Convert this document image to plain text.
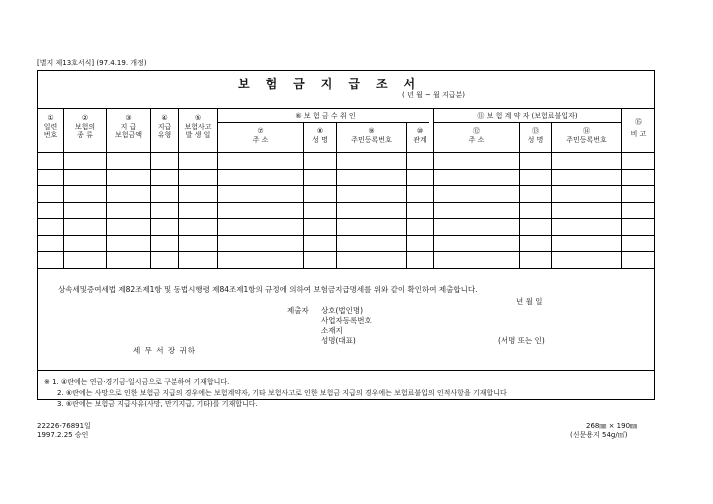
[별지 제13호서식] (97.4.19. 개정)
보험금지급조서
( 년 월 ~ 월 지급분)
①
일련
번호
②
보험의
종 류
③
지 급
보험금액
④
지급
유형
⑤
보험사고
발 생 일
⑥ 보 험 금 수 취 인
⑦
주 소
⑧
성 명
⑨
주민등록번호
⑩
관계
⑪ 보 험 계 약 자 (보험료불입자)
⑫
주 소
⑬
성 명
⑭
주민등록번호
⑮
비 고
상속세및증여세법 제82조제1항 및 동법시행령 제84조제1항의 규정에 의하여 보험금지급명세를 위와 같이 확인하여 제출합니다.
년 월 일
제출자 상호(법인명)
사업자등록번호
소재지
성명(대표)	(서명 또는 인)
세 무 서 장 귀하
※ 1. ④란에는 연금·경기금·일시금으로 구분하여 기재합니다.
2. ⑥란에는 사망으로 인한 보험금 지급의 경우에는 보험계약자, 기타 보험사고로 인한 보험금 지급의 경우에는 보험료불입의 인적사항을 기재합니다
3. ⑥란에는 보험금 지급사유(사망, 만기지급, 기타)를 기재합니다.
22226-76891일
1997.2.25 승인
268㎜ × 190㎜
(신문용지 54g/㎡)
